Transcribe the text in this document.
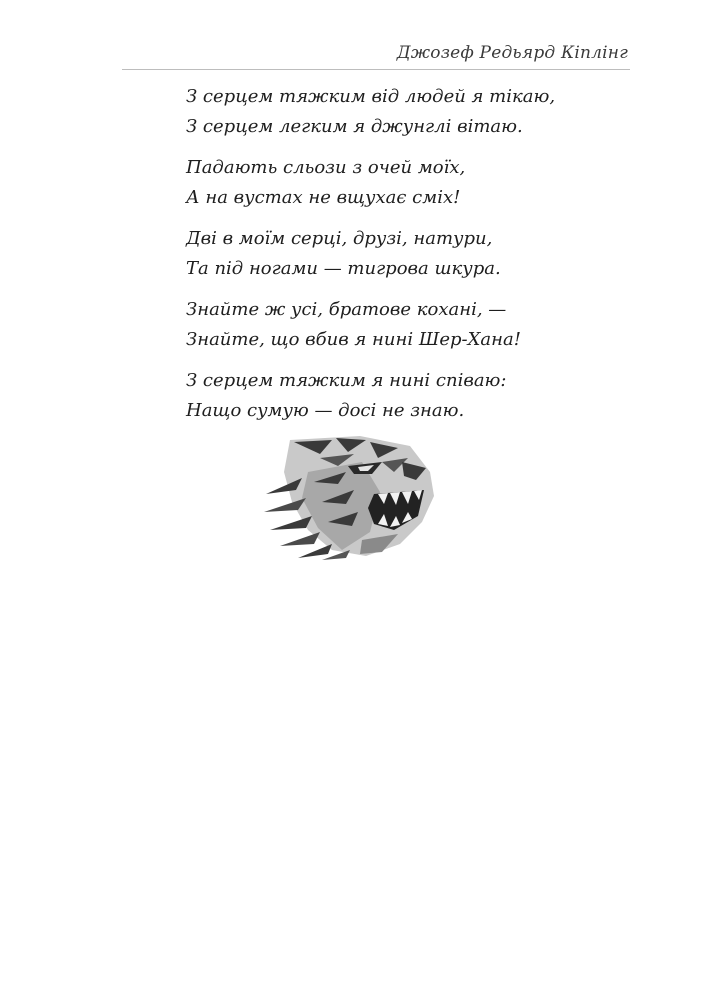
Джозеф Редьярд Кіплінг
З серцем тяжким від людей я тікаю,
З серцем легким я джунглі вітаю.
Падають сльози з очей моїх,
А на вустах не вщухає сміх!
Дві в моїм серці, друзі, натури,
Та під ногами — тигрова шкура.
Знайте ж усі, братове кохані, —
Знайте, що вбив я нині Шер-Хана!
З серцем тяжким я нині співаю:
Нащо сумую — досі не знаю.
